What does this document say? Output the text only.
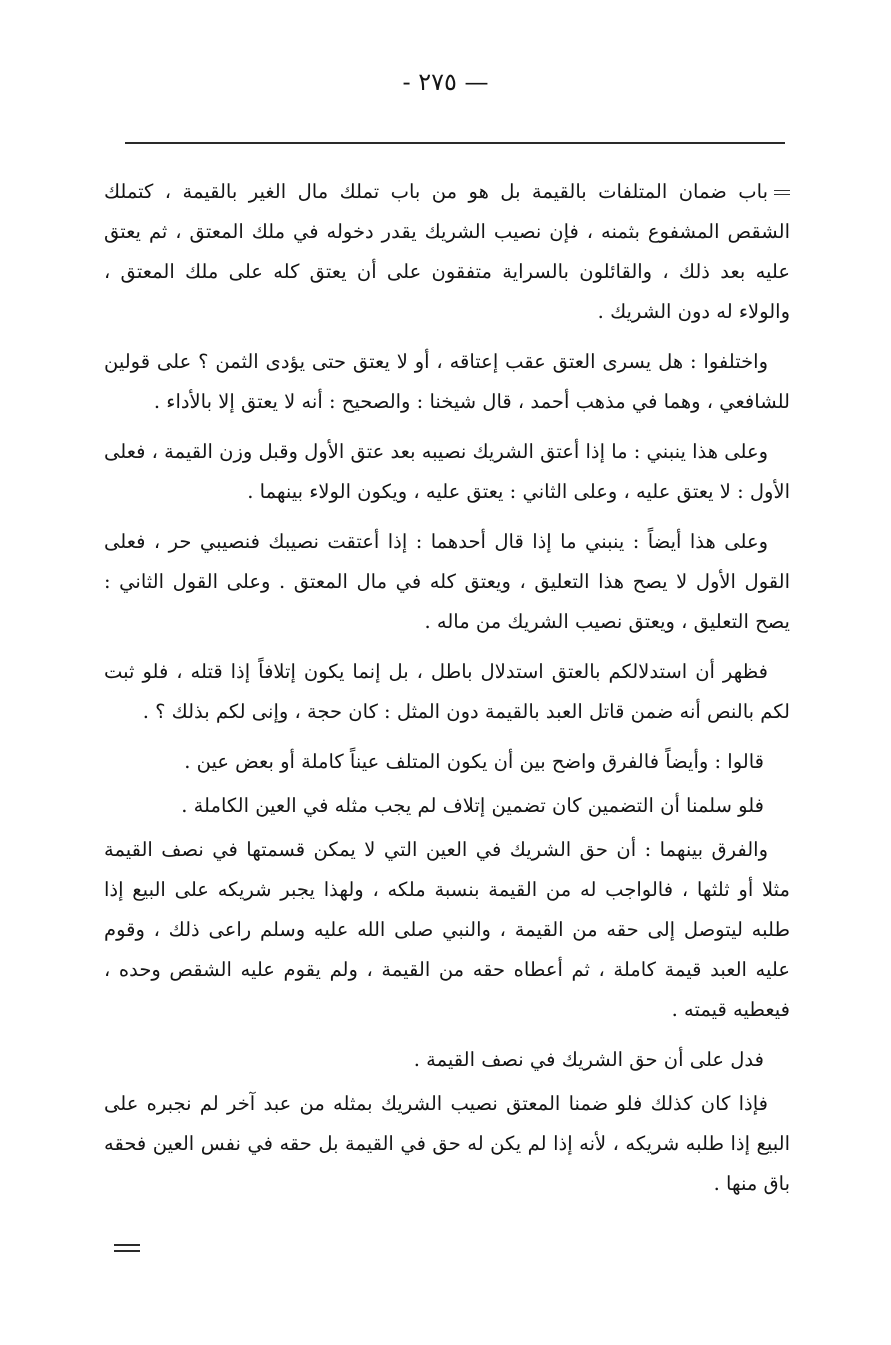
— ٢٧٥ -

باب ضمان المتلفات بالقيمة بل هو من باب تملك مال الغير بالقيمة ، كتملك الشقص المشفوع بثمنه ، فإن نصيب الشريك يقدر دخوله في ملك المعتق ، ثم يعتق عليه بعد ذلك ، والقائلون بالسراية متفقون على أن يعتق كله على ملك المعتق ، والولاء له دون الشريك .

واختلفوا : هل يسرى العتق عقب إعتاقه ، أو لا يعتق حتى يؤدى الثمن ؟ على قولين للشافعي ، وهما في مذهب أحمد ، قال شيخنا : والصحيح : أنه لا يعتق إلا بالأداء .

وعلى هذا ينبني : ما إذا أعتق الشريك نصيبه بعد عتق الأول وقبل وزن القيمة ، فعلى الأول : لا يعتق عليه ، وعلى الثاني : يعتق عليه ، ويكون الولاء بينهما .

وعلى هذا أيضاً : ينبني ما إذا قال أحدهما : إذا أعتقت نصيبك فنصيبي حر ، فعلى القول الأول لا يصح هذا التعليق ، ويعتق كله في مال المعتق . وعلى القول الثاني : يصح التعليق ، ويعتق نصيب الشريك من ماله .

فظهر أن استدلالكم بالعتق استدلال باطل ، بل إنما يكون إتلافاً إذا قتله ، فلو ثبت لكم بالنص أنه ضمن قاتل العبد بالقيمة دون المثل : كان حجة ، وإنى لكم بذلك ؟ .

قالوا : وأيضاً فالفرق واضح بين أن يكون المتلف عيناً كاملة أو بعض عين .

فلو سلمنا أن التضمين كان تضمين إتلاف لم يجب مثله في العين الكاملة .

والفرق بينهما : أن حق الشريك في العين التي لا يمكن قسمتها في نصف القيمة مثلا أو ثلثها ، فالواجب له من القيمة بنسبة ملكه ، ولهذا يجبر شريكه على البيع إذا طلبه ليتوصل إلى حقه من القيمة ، والنبي صلى الله عليه وسلم راعى ذلك ، وقوم عليه العبد قيمة كاملة ، ثم أعطاه حقه من القيمة ، ولم يقوم عليه الشقص وحده ، فيعطيه قيمته .

فدل على أن حق الشريك في نصف القيمة .

فإذا كان كذلك فلو ضمنا المعتق نصيب الشريك بمثله من عبد آخر لم نجبره على البيع إذا طلبه شريكه ، لأنه إذا لم يكن له حق في القيمة بل حقه في نفس العين فحقه باق منها .
